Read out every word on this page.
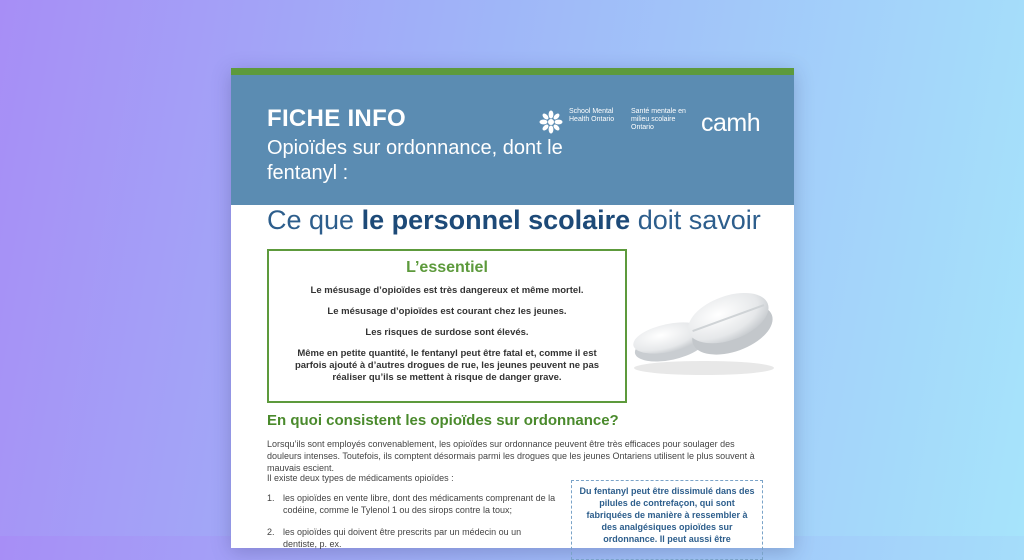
FICHE INFO
Opioïdes sur ordonnance, dont le fentanyl :
School Mental Health Ontario
Santé mentale en milieu scolaire Ontario	camh
Ce que le personnel scolaire doit savoir
L’essentiel
Le mésusage d’opioïdes est très dangereux et même mortel.
Le mésusage d’opioïdes est courant chez les jeunes.
Les risques de surdose sont élevés.
Même en petite quantité, le fentanyl peut être fatal et, comme il est parfois ajouté à d’autres drogues de rue, les jeunes peuvent ne pas réaliser qu’ils se mettent à risque de danger grave.
En quoi consistent les opioïdes sur ordonnance?
Lorsqu’ils sont employés convenablement, les opioïdes sur ordonnance peuvent être très efficaces pour soulager des douleurs intenses. Toutefois, ils comptent désormais parmi les drogues que les jeunes Ontariens utilisent le plus souvent à mauvais escient.
Il existe deux types de médicaments opioïdes :
1. les opioïdes en vente libre, dont des médicaments comprenant de la codéine, comme le Tylenol 1 ou des sirops contre la toux;
2. les opioïdes qui doivent être prescrits par un médecin ou un dentiste, p. ex.
Du fentanyl peut être dissimulé dans des pilules de contrefaçon, qui sont fabriquées de manière à ressembler à des analgésiques opioïdes sur ordonnance. Il peut aussi être
